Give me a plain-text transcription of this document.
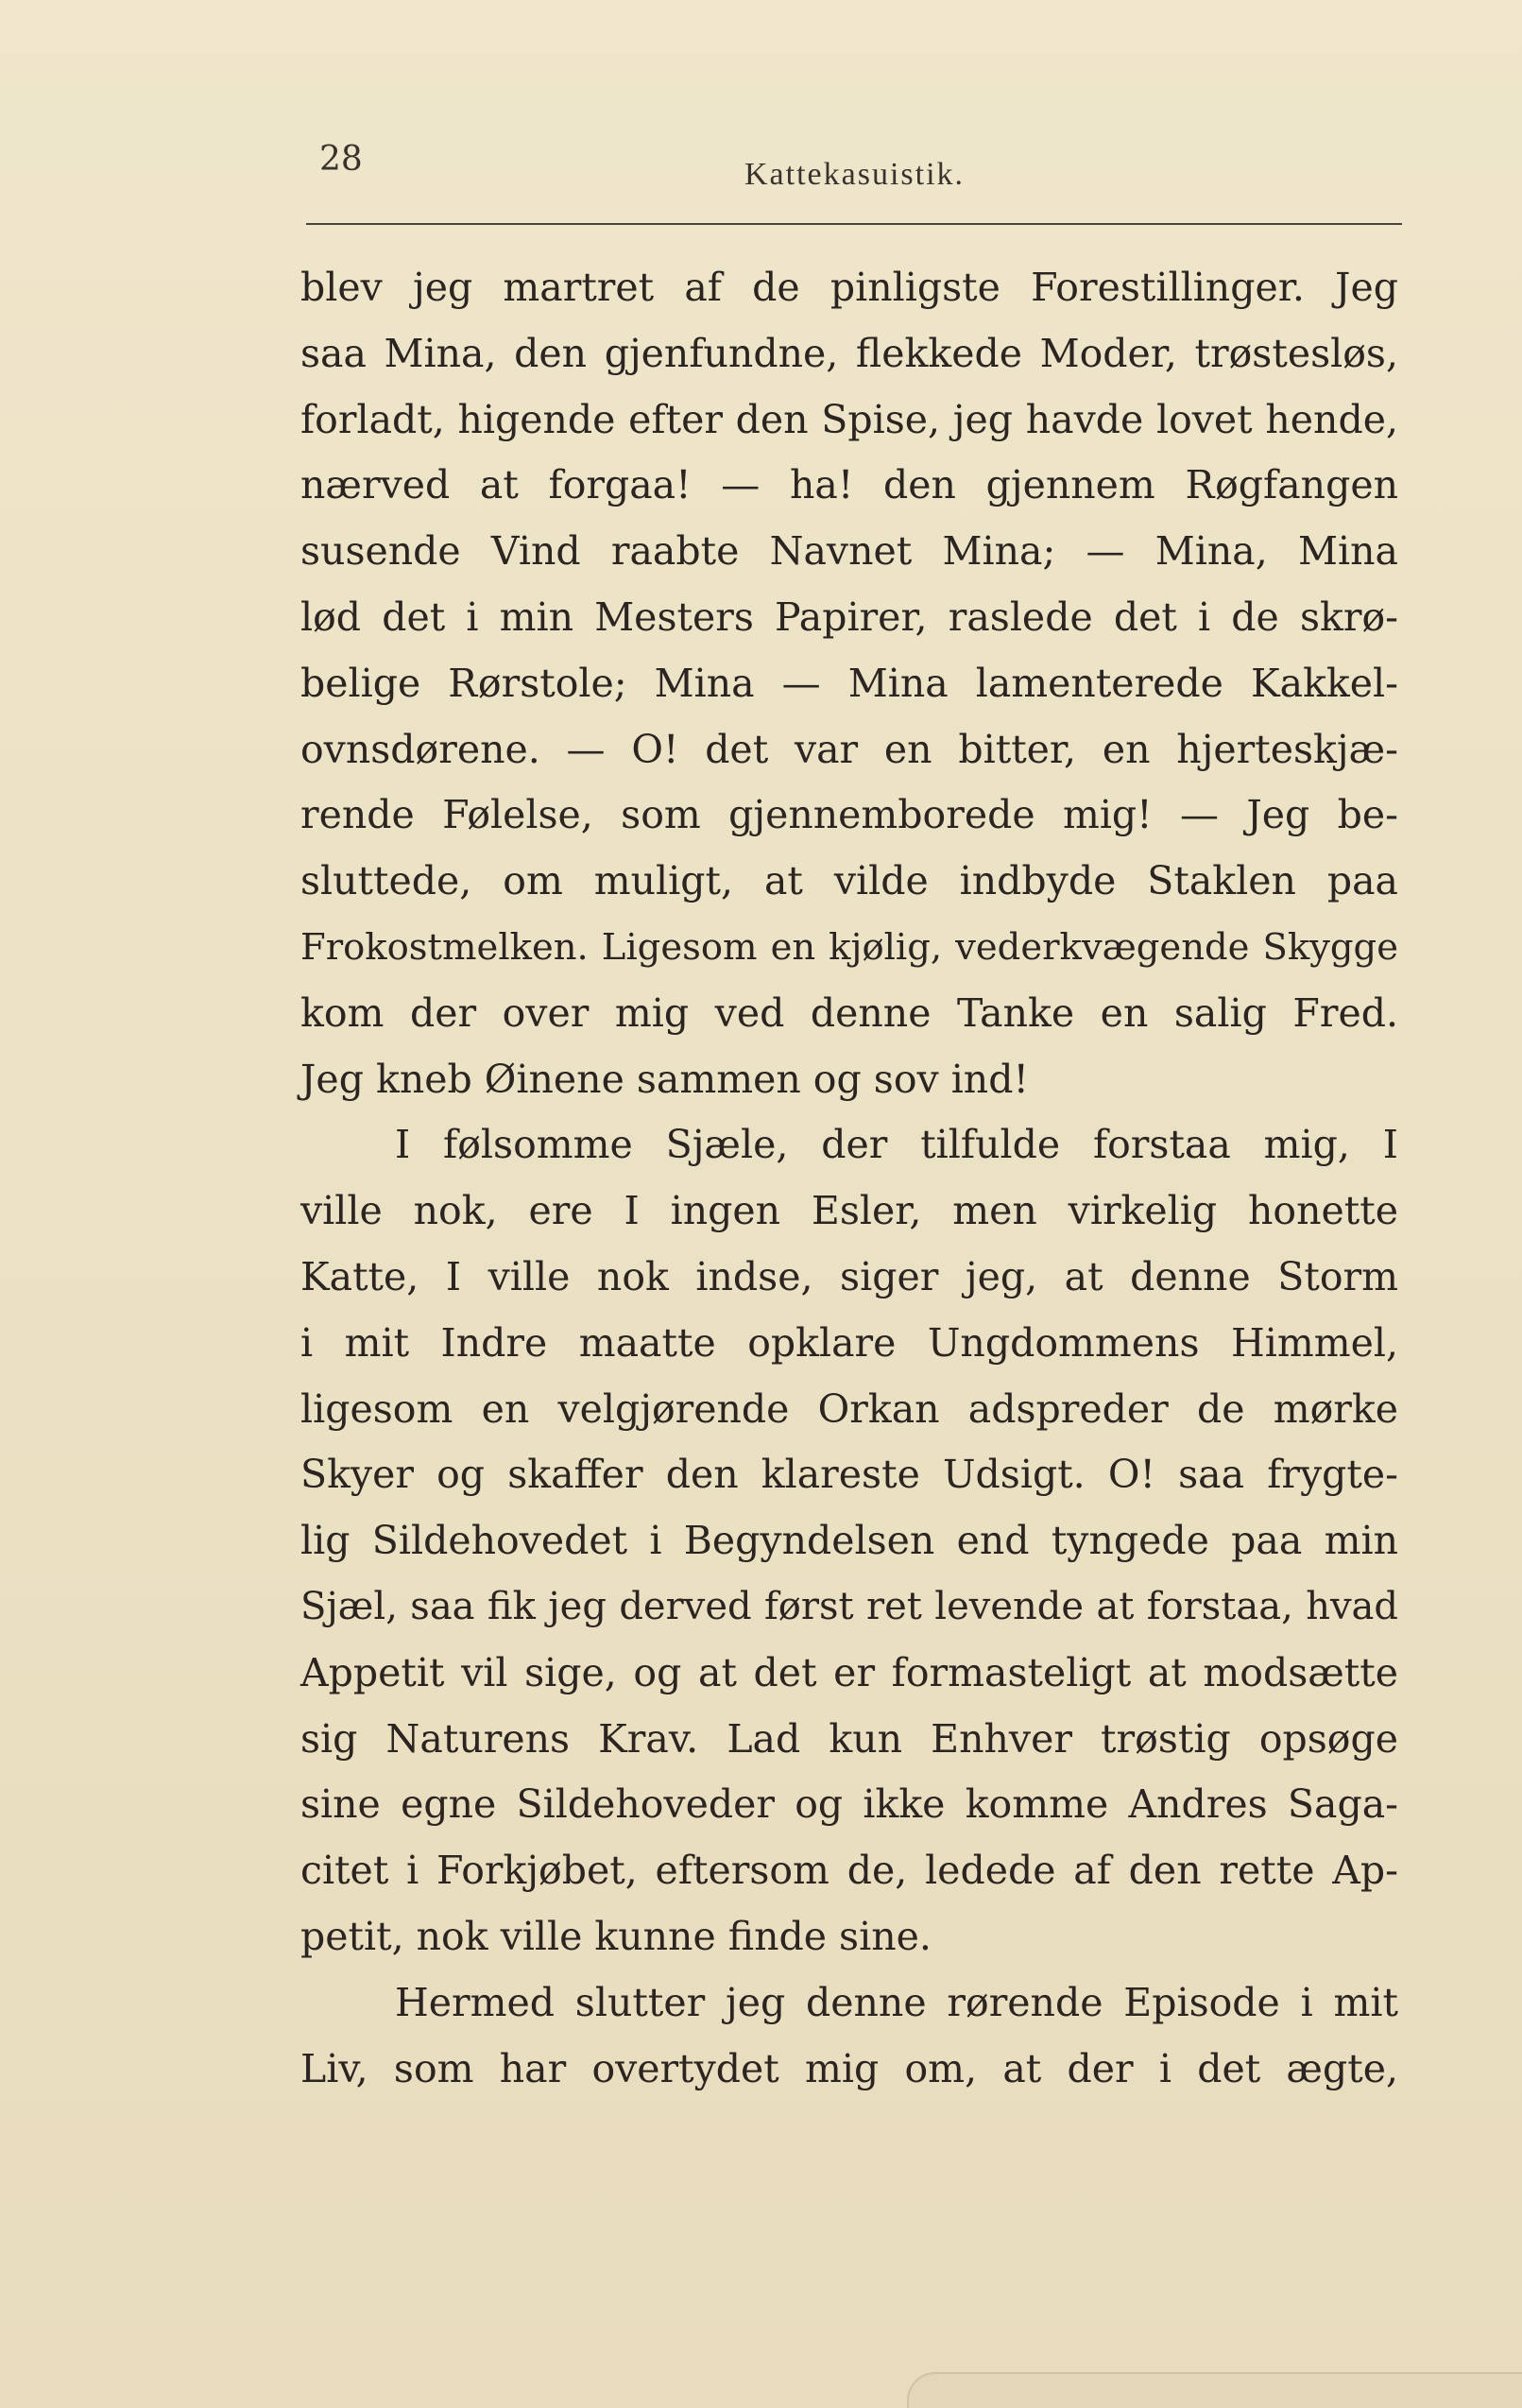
28	Kattekasuistik.
blev jeg martret af de pinligste Forestillinger. Jeg
saa Mina, den gjenfundne, flekkede Moder, trøstesløs,
forladt, higende efter den Spise, jeg havde lovet hende,
nærved at forgaa! — ha! den gjennem Røgfangen
susende Vind raabte Navnet Mina; — Mina, Mina
lød det i min Mesters Papirer, raslede det i de skrø-
belige Rørstole; Mina — Mina lamenterede Kakkel-
ovnsdørene. — O! det var en bitter, en hjerteskjæ-
rende Følelse, som gjennemborede mig! — Jeg be-
sluttede, om muligt, at vilde indbyde Staklen paa
Frokostmelken. Ligesom en kjølig, vederkvægende Skygge
kom der over mig ved denne Tanke en salig Fred.
Jeg kneb Øinene sammen og sov ind!
I følsomme Sjæle, der tilfulde forstaa mig, I
ville nok, ere I ingen Esler, men virkelig honette
Katte, I ville nok indse, siger jeg, at denne Storm
i mit Indre maatte opklare Ungdommens Himmel,
ligesom en velgjørende Orkan adspreder de mørke
Skyer og skaffer den klareste Udsigt. O! saa frygte-
lig Sildehovedet i Begyndelsen end tyngede paa min
Sjæl, saa fik jeg derved først ret levende at forstaa, hvad
Appetit vil sige, og at det er formasteligt at modsætte
sig Naturens Krav. Lad kun Enhver trøstig opsøge
sine egne Sildehoveder og ikke komme Andres Saga-
citet i Forkjøbet, eftersom de, ledede af den rette Ap-
petit, nok ville kunne finde sine.
Hermed slutter jeg denne rørende Episode i mit
Liv, som har overtydet mig om, at der i det ægte,
